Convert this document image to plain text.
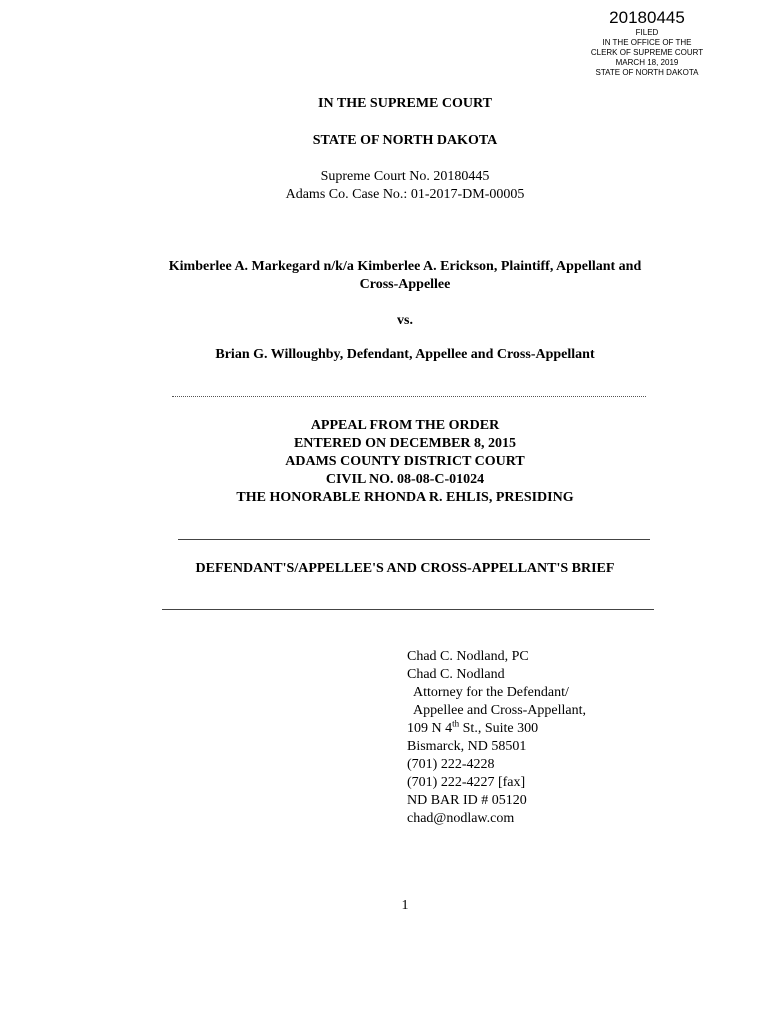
20180445
FILED
IN THE OFFICE OF THE
CLERK OF SUPREME COURT
MARCH 18, 2019
STATE OF NORTH DAKOTA
IN THE SUPREME COURT
STATE OF NORTH DAKOTA
Supreme Court No. 20180445
Adams Co. Case No.: 01-2017-DM-00005
Kimberlee A. Markegard n/k/a Kimberlee A. Erickson, Plaintiff, Appellant and
Cross-Appellee
vs.
Brian G. Willoughby, Defendant, Appellee and Cross-Appellant
APPEAL FROM THE ORDER
ENTERED ON DECEMBER 8, 2015
ADAMS COUNTY DISTRICT COURT
CIVIL NO. 08-08-C-01024
THE HONORABLE RHONDA R. EHLIS, PRESIDING
DEFENDANT'S/APPELLEE'S AND CROSS-APPELLANT'S BRIEF
Chad C. Nodland, PC
Chad C. Nodland
Attorney for the Defendant/
Appellee and Cross-Appellant,
109 N 4th St., Suite 300
Bismarck, ND 58501
(701) 222-4228
(701) 222-4227 [fax]
ND BAR ID # 05120
chad@nodlaw.com
1
